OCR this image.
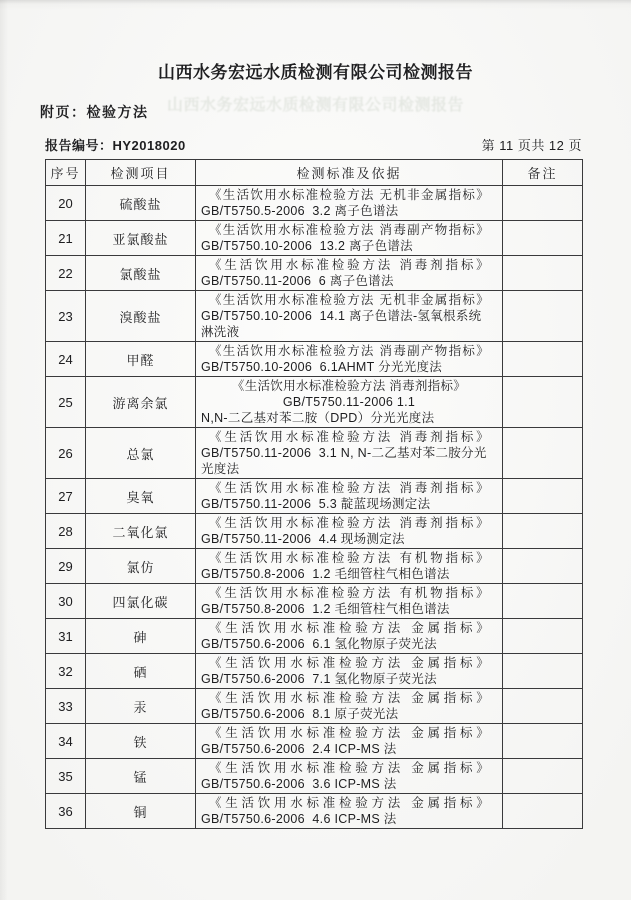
山西水务宏远水质检测有限公司检测报告
山西水务宏远水质检测有限公司检测报告
附页：检验方法
报告编号：HY2018020	第 11 页共 12 页
序号	检测项目	检测标准及依据	备注
20	硫酸盐	《生活饮用水标准检验方法 无机非金属指标》
GB/T5750.5-2006  3.2 离子色谱法	

21	亚氯酸盐	《生活饮用水标准检验方法 消毒副产物指标》
GB/T5750.10-2006  13.2 离子色谱法	

22	氯酸盐	《生活饮用水标准检验方法 消毒剂指标》
GB/T5750.11-2006  6 离子色谱法	

23	溴酸盐	《生活饮用水标准检验方法 无机非金属指标》
GB/T5750.10-2006  14.1 离子色谱法-氢氧根系统
淋洗液	

24	甲醛	《生活饮用水标准检验方法 消毒副产物指标》
GB/T5750.10-2006  6.1AHMT 分光光度法	

25	游离余氯	《生活饮用水标准检验方法 消毒剂指标》
GB/T5750.11-2006 1.1
N,N-二乙基对苯二胺（DPD）分光光度法	

26	总氯	《生活饮用水标准检验方法 消毒剂指标》
GB/T5750.11-2006  3.1 N, N-二乙基对苯二胺分光
光度法	

27	臭氧	《生活饮用水标准检验方法 消毒剂指标》
GB/T5750.11-2006  5.3 靛蓝现场测定法	

28	二氧化氯	《生活饮用水标准检验方法 消毒剂指标》
GB/T5750.11-2006  4.4 现场测定法	

29	氯仿	《生活饮用水标准检验方法 有机物指标》
GB/T5750.8-2006  1.2 毛细管柱气相色谱法	

30	四氯化碳	《生活饮用水标准检验方法 有机物指标》
GB/T5750.8-2006  1.2 毛细管柱气相色谱法	

31	砷	《生活饮用水标准检验方法 金属指标》
GB/T5750.6-2006  6.1 氢化物原子荧光法	

32	硒	《生活饮用水标准检验方法 金属指标》
GB/T5750.6-2006  7.1 氢化物原子荧光法	

33	汞	《生活饮用水标准检验方法 金属指标》
GB/T5750.6-2006  8.1 原子荧光法	

34	铁	《生活饮用水标准检验方法 金属指标》
GB/T5750.6-2006  2.4 ICP-MS 法	

35	锰	《生活饮用水标准检验方法 金属指标》
GB/T5750.6-2006  3.6 ICP-MS 法	

36	铜	《生活饮用水标准检验方法 金属指标》
GB/T5750.6-2006  4.6 ICP-MS 法	
